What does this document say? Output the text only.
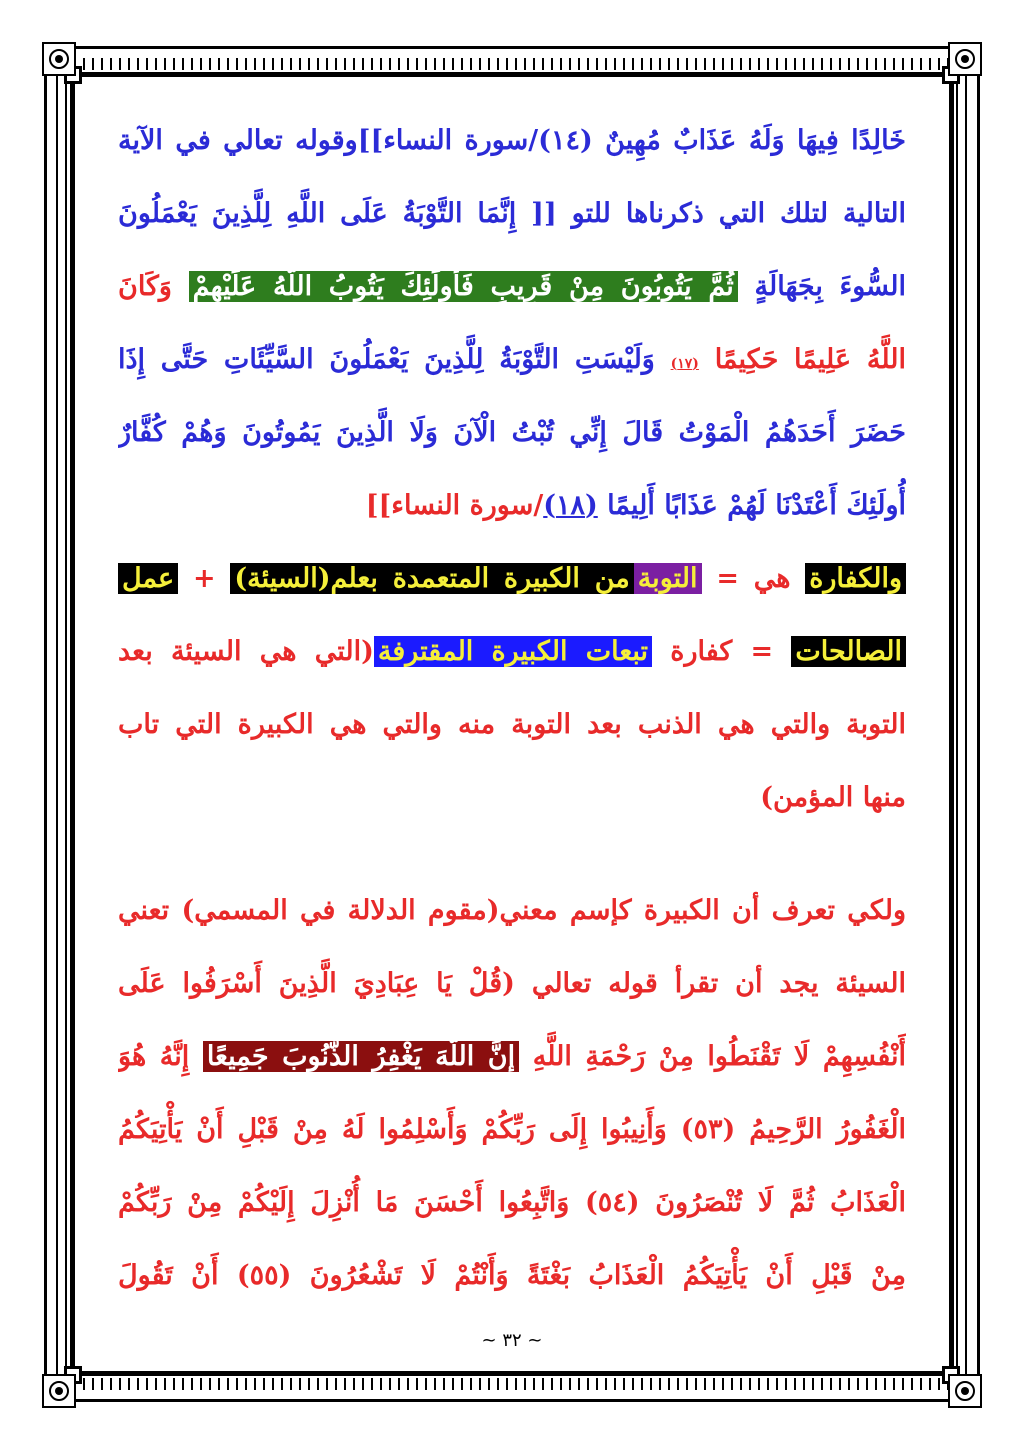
خَالِدًا فِيهَا وَلَهُ عَذَابٌ مُهِينٌ (١٤)/سورة النساء]]وقوله تعالي في الآية
التالية لتلك التي ذكرناها للتو [[ إِنَّمَا التَّوْبَةُ عَلَى اللَّهِ لِلَّذِينَ يَعْمَلُونَ
السُّوءَ بِجَهَالَةٍ ثُمَّ يَتُوبُونَ مِنْ قَرِيبٍ فَأُولَئِكَ يَتُوبُ اللَّهُ عَلَيْهِمْ وَكَانَ
اللَّهُ عَلِيمًا حَكِيمًا (١٧) وَلَيْسَتِ التَّوْبَةُ لِلَّذِينَ يَعْمَلُونَ السَّيِّئَاتِ حَتَّى إِذَا
حَضَرَ أَحَدَهُمُ الْمَوْتُ قَالَ إِنِّي تُبْتُ الْآنَ وَلَا الَّذِينَ يَمُوتُونَ وَهُمْ كُفَّارٌ
أُولَئِكَ أَعْتَدْنَا لَهُمْ عَذَابًا أَلِيمًا (١٨)/سورة النساء]]
والكفارة هي = التوبةمن الكبيرة المتعمدة بعلم(السيئة) + عمل
الصالحات = كفارة تبعات الكبيرة المقترفة(التي هي السيئة بعد
التوبة والتي هي الذنب بعد التوبة منه والتي هي الكبيرة التي تاب
منها المؤمن)
ولكي تعرف أن الكبيرة كإسم معني(مقوم الدلالة في المسمي) تعني
السيئة يجد أن تقرأ قوله تعالي (قُلْ يَا عِبَادِيَ الَّذِينَ أَسْرَفُوا عَلَى
أَنْفُسِهِمْ لَا تَقْنَطُوا مِنْ رَحْمَةِ اللَّهِ إِنَّ اللَّهَ يَغْفِرُ الذُّنُوبَ جَمِيعًا إِنَّهُ هُوَ
الْغَفُورُ الرَّحِيمُ (٥٣) وَأَنِيبُوا إِلَى رَبِّكُمْ وَأَسْلِمُوا لَهُ مِنْ قَبْلِ أَنْ يَأْتِيَكُمُ
الْعَذَابُ ثُمَّ لَا تُنْصَرُونَ (٥٤) وَاتَّبِعُوا أَحْسَنَ مَا أُنْزِلَ إِلَيْكُمْ مِنْ رَبِّكُمْ
مِنْ قَبْلِ أَنْ يَأْتِيَكُمُ الْعَذَابُ بَغْتَةً وَأَنْتُمْ لَا تَشْعُرُونَ (٥٥) أَنْ تَقُولَ
~ ٣٢ ~
